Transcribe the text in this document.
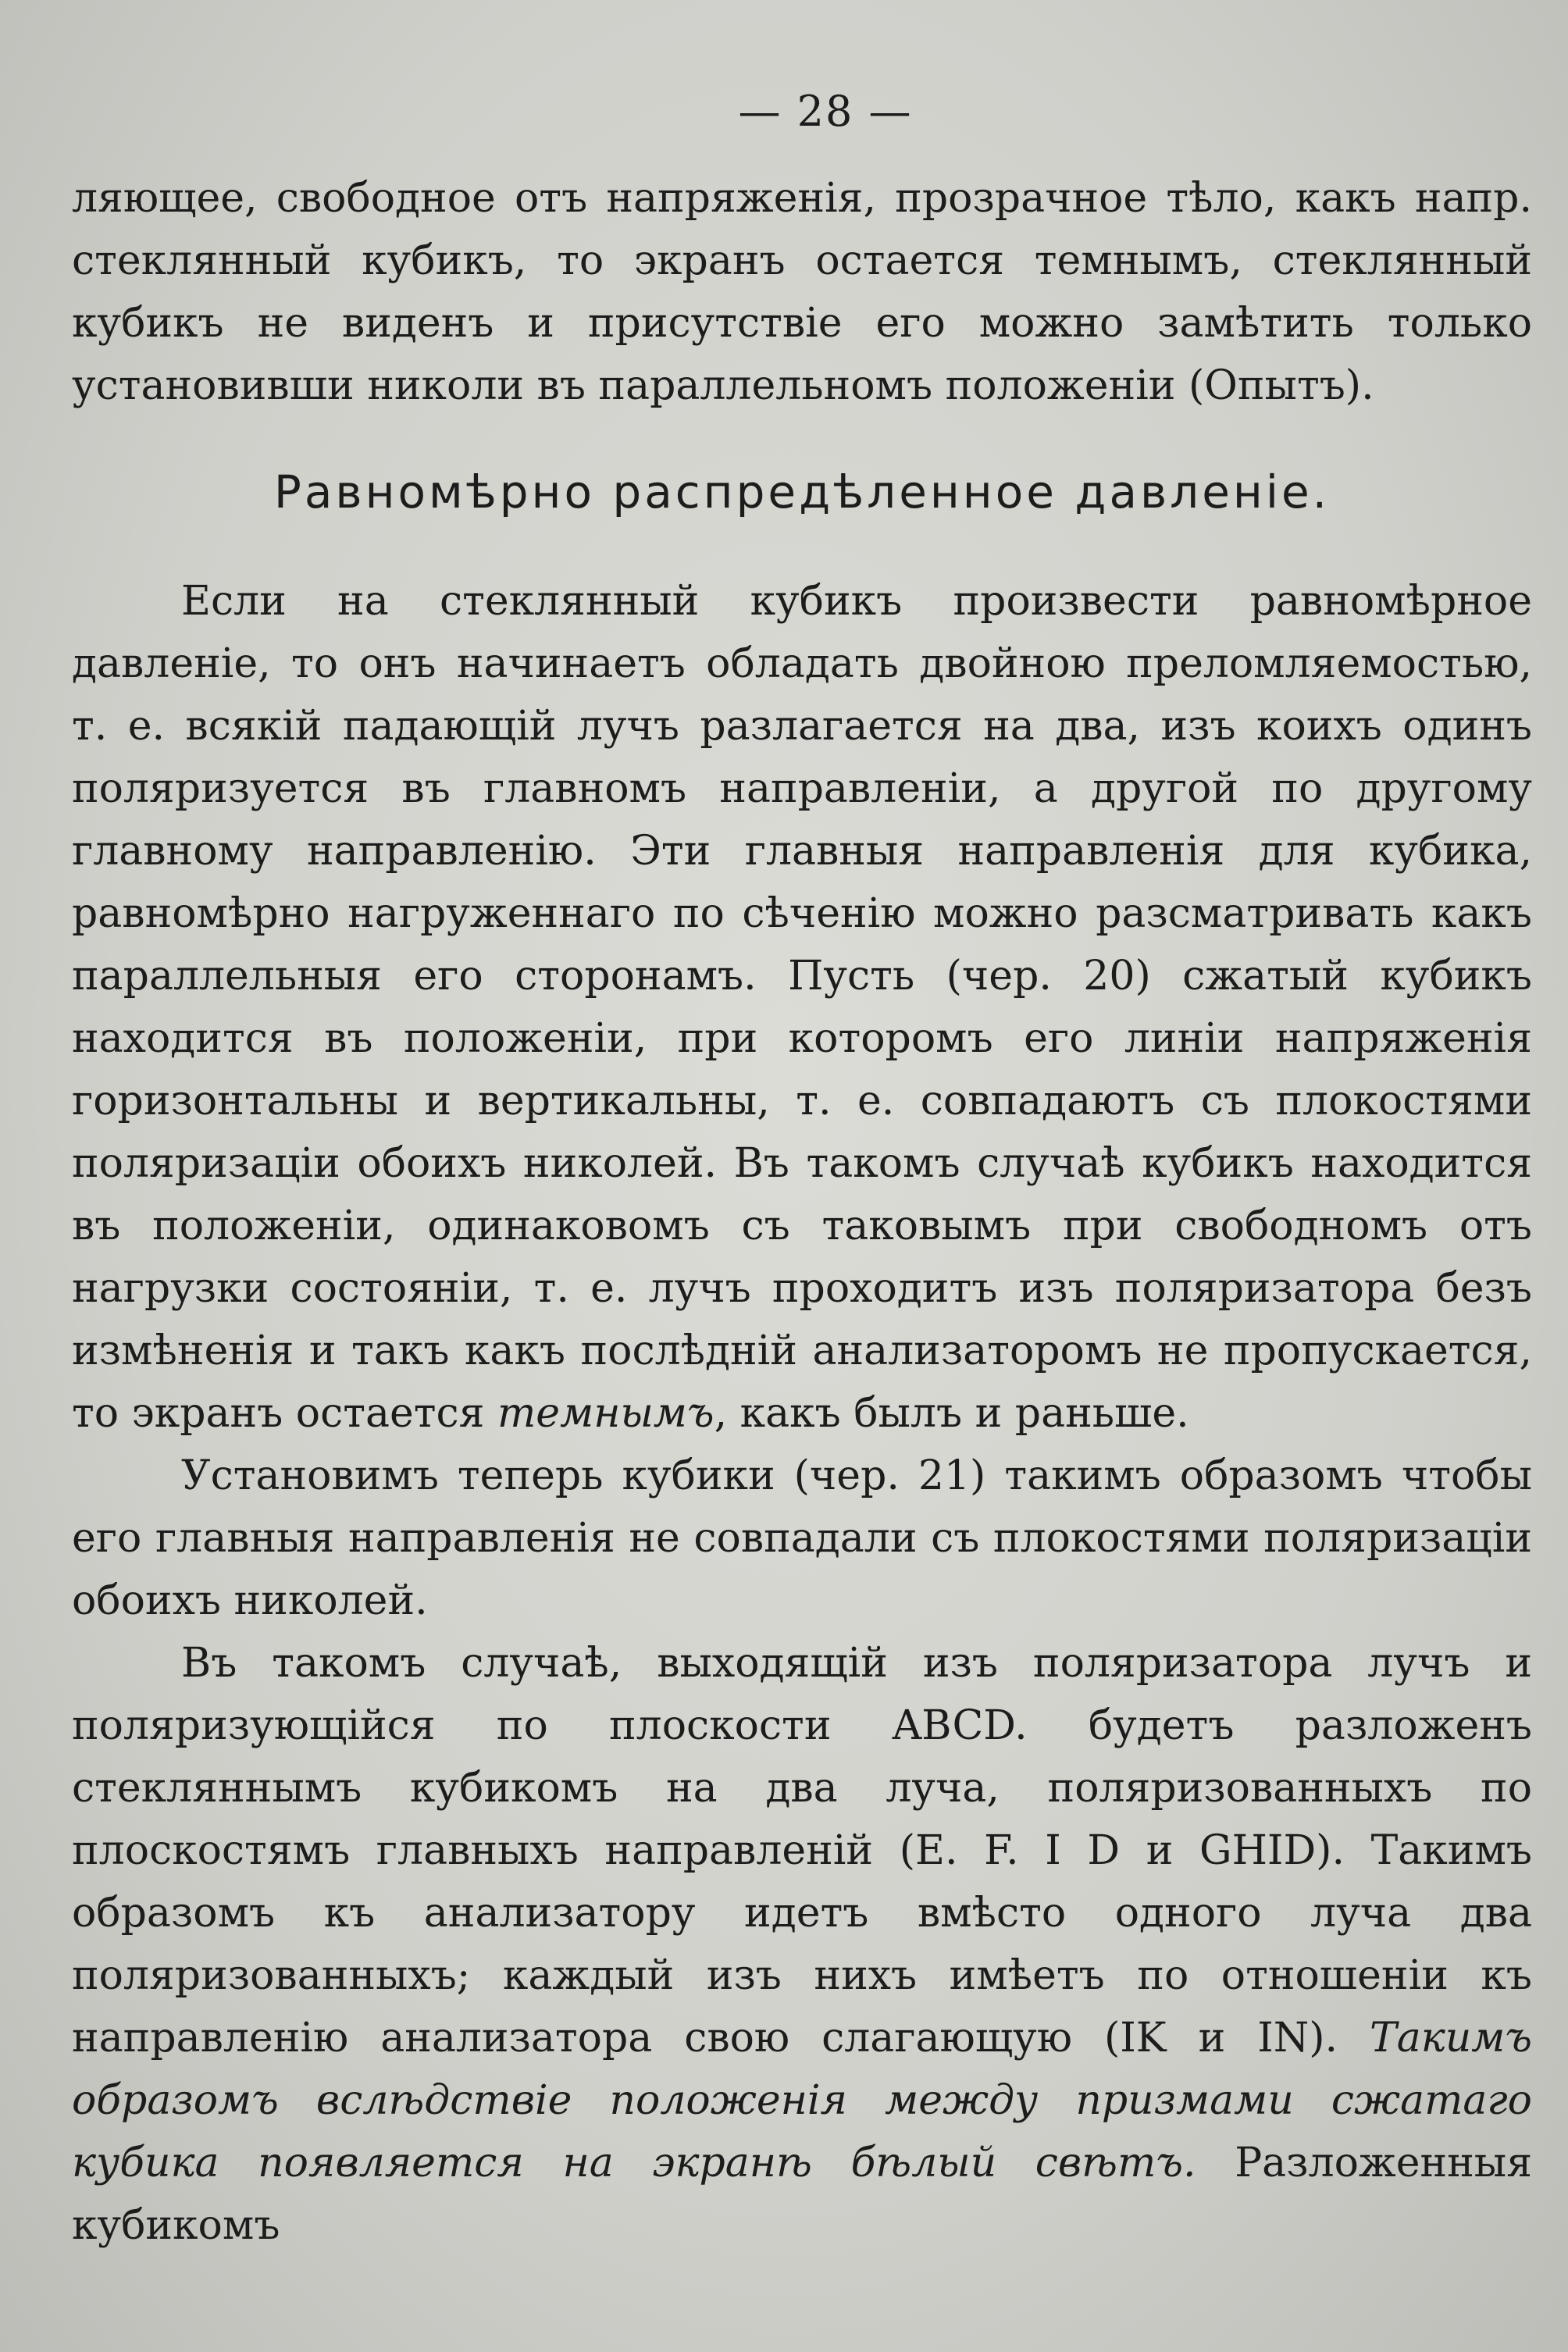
— 28 —

ляющее, свободное отъ напряженія, прозрачное тѣло, какъ напр. стеклянный кубикъ, то экранъ остается темнымъ, стеклянный кубикъ не виденъ и присутствіе его можно замѣтить только установивши николи въ параллельномъ положеніи (Опытъ).

Равномѣрно распредѣленное давленіе.

Если на стеклянный кубикъ произвести равномѣрное давленіе, то онъ начинаетъ обладать двойною преломляемостью, т. е. всякій падающій лучъ разлагается на два, изъ коихъ одинъ поляризуется въ главномъ направленіи, а другой по другому главному направленію. Эти главныя направленія для кубика, равномѣрно нагруженнаго по сѣченію можно разсматривать какъ параллельныя его сторонамъ. Пусть (чер. 20) сжатый кубикъ находится въ положеніи, при которомъ его линіи напряженія горизонтальны и вертикальны, т. е. совпадаютъ съ плокостями поляризаціи обоихъ николей. Въ такомъ случаѣ кубикъ находится въ положеніи, одинаковомъ съ таковымъ при свободномъ отъ нагрузки состояніи, т. е. лучъ проходитъ изъ поляризатора безъ измѣненія и такъ какъ послѣдній анализаторомъ не пропускается, то экранъ остается темнымъ, какъ былъ и раньше.

Установимъ теперь кубики (чер. 21) такимъ образомъ чтобы его главныя направленія не совпадали съ плокостями поляризаціи обоихъ николей.

Въ такомъ случаѣ, выходящій изъ поляризатора лучъ и поляризующійся по плоскости ABCD. будетъ разложенъ стекляннымъ кубикомъ на два луча, поляризованныхъ по плоскостямъ главныхъ направленій (E. F. I D и GHID). Такимъ образомъ къ анализатору идетъ вмѣсто одного луча два поляризованныхъ; каждый изъ нихъ имѣетъ по отношеніи къ направленію анализатора свою слагающую (IK и IN). Такимъ образомъ вслѣдствіе положенія между призмами сжатаго кубика появляется на экранѣ бѣлый свѣтъ. Разложенныя кубикомъ
